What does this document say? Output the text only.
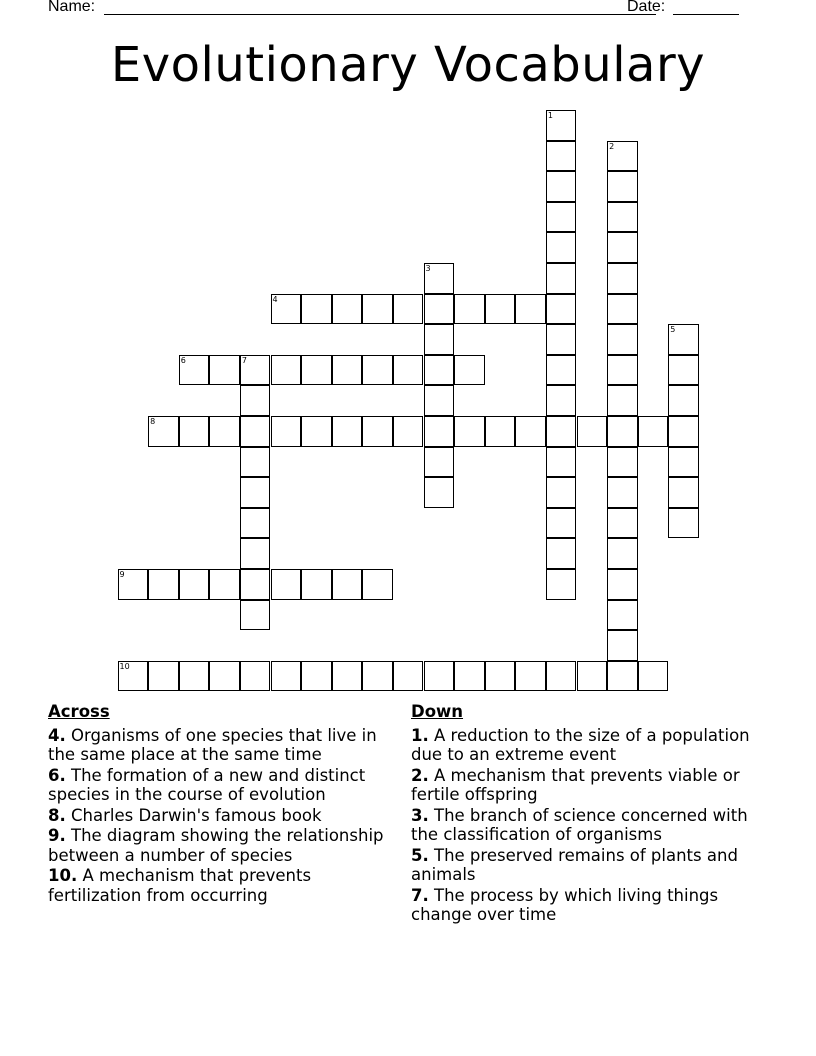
Name:	Date:
Evolutionary Vocabulary
1
2
3
4
5
6	7
8
9
10
Across
4. Organisms of one species that live in the same place at the same time
6. The formation of a new and distinct species in the course of evolution
8. Charles Darwin's famous book
9. The diagram showing the relationship between a number of species
10. A mechanism that prevents fertilization from occurring
Down
1. A reduction to the size of a population due to an extreme event
2. A mechanism that prevents viable or fertile offspring
3. The branch of science concerned with the classification of organisms
5. The preserved remains of plants and animals
7. The process by which living things change over time
